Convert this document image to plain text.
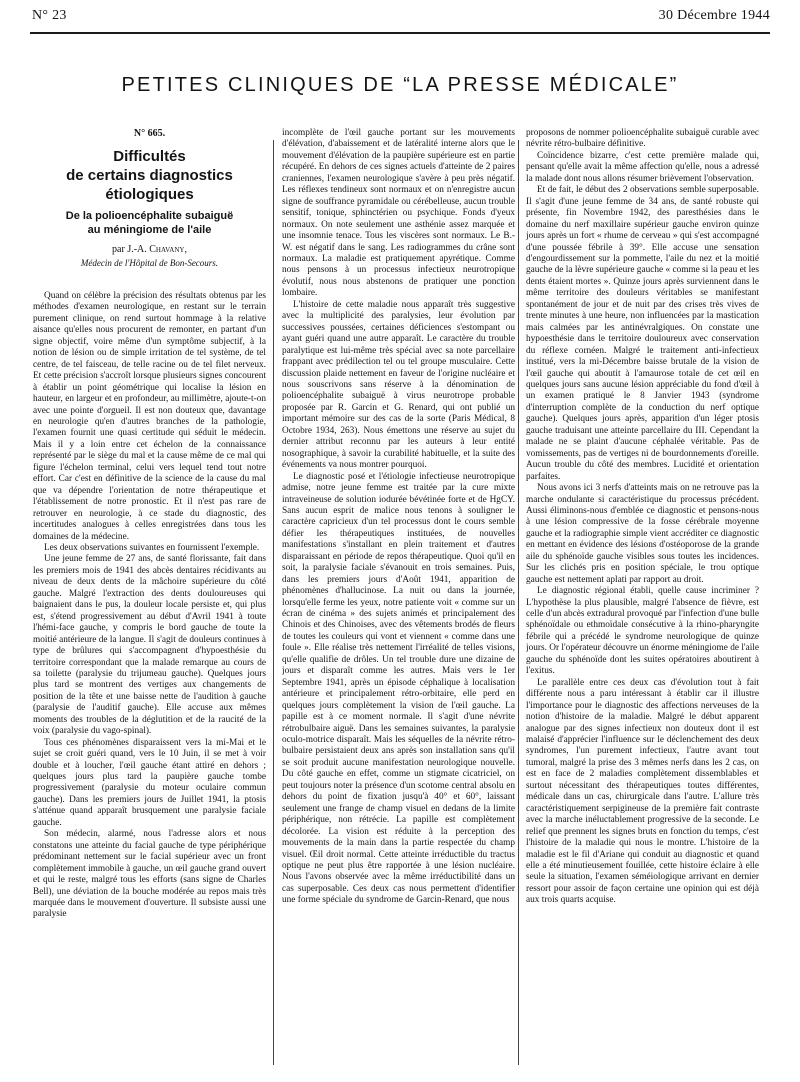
N° 23	30 Décembre 1944
PETITES CLINIQUES DE “LA PRESSE MÉDICALE”
N° 665.
Difficultés
de certains diagnostics
étiologiques
De la polioencéphalite subaiguë
au méningiome de l'aile
par J.-A. Chavany,
Médecin de l'Hôpital de Bon-Secours.

Quand on célèbre la précision des résultats obtenus par les méthodes d'examen neurologique, en restant sur le terrain purement clinique, on rend surtout hommage à la relative aisance qu'elles nous procurent de remonter, en partant d'un signe objectif, voire même d'un symptôme subjectif, à la notion de lésion ou de simple irritation de tel système, de tel centre, de tel faisceau, de telle racine ou de tel filet nerveux. Et cette précision s'accroît lorsque plusieurs signes concourent à établir un point géométrique qui localise la lésion en hauteur, en largeur et en profondeur, au millimètre, ajoute-t-on avec une pointe d'orgueil. Il est non douteux que, davantage en neurologie qu'en d'autres branches de la pathologie, l'examen fournit une quasi certitude qui séduit le médecin. Mais il y a loin entre cet échelon de la connaissance représenté par le siège du mal et la cause même de ce mal qui figure l'échelon terminal, celui vers lequel tend tout notre effort. Car c'est en définitive de la science de la cause du mal que va dépendre l'orientation de notre thérapeutique et l'établissement de notre pronostic. Et il n'est pas rare de retrouver en neurologie, à ce stade du diagnostic, des incertitudes analogues à celles enregistrées dans tous les domaines de la médecine.

Les deux observations suivantes en fournissent l'exemple.

Une jeune femme de 27 ans, de santé florissante, fait dans les premiers mois de 1941 des abcès dentaires récidivants au niveau de deux dents de la mâchoire supérieure du côté gauche. Malgré l'extraction des dents douloureuses qui baignaient dans le pus, la douleur locale persiste et, qui plus est, s'étend progressivement au début d'Avril 1941 à toute l'hémi-face gauche, y compris le bord gauche de toute la moitié antérieure de la langue. Il s'agit de douleurs continues à type de brûlures qui s'accompagnent d'hypoesthésie du territoire correspondant que la malade remarque au cours de sa toilette (paralysie du trijumeau gauche). Quelques jours plus tard se montrent des vertiges aux changements de position de la tête et une baisse nette de l'audition à gauche (paralysie de l'auditif gauche). Elle accuse aux mêmes moments des troubles de la déglutition et de la raucité de la voix (paralysie du vago-spinal).

Tous ces phénomènes disparaissent vers la mi-Mai et le sujet se croit guéri quand, vers le 10 Juin, il se met à voir double et à loucher, l'œil gauche étant attiré en dehors ; quelques jours plus tard la paupière gauche tombe progressivement (paralysie du moteur oculaire commun gauche). Dans les premiers jours de Juillet 1941, la ptosis s'atténue quand apparaît brusquement une paralysie faciale gauche.

Son médecin, alarmé, nous l'adresse alors et nous constatons une atteinte du facial gauche de type périphérique prédominant nettement sur le facial supérieur avec un front complètement immobile à gauche, un œil gauche grand ouvert et qui le reste, malgré tous les efforts (sans signe de Charles Bell), une déviation de la bouche modérée au repos mais très marquée dans le mouvement d'ouverture. Il subsiste aussi une paralysie

incomplète de l'œil gauche portant sur les mouvements d'élévation, d'abaissement et de latéralité interne alors que le mouvement d'élévation de la paupière supérieure est en partie récupéré. En dehors de ces signes actuels d'atteinte de 2 paires craniennes, l'examen neurologique s'avère à peu près négatif. Les réflexes tendineux sont normaux et on n'enregistre aucun signe de souffrance pyramidale ou cérébelleuse, aucun trouble sensitif, tonique, sphinctérien ou psychique. Fonds d'yeux normaux. On note seulement une asthénie assez marquée et une insomnie tenace. Tous les viscères sont normaux. Le B.-W. est négatif dans le sang. Les radiogrammes du crâne sont normaux. La maladie est pratiquement apyrétique. Comme nous pensons à un processus infectieux neurotropique évolutif, nous nous abstenons de pratiquer une ponction lombaire.

L'histoire de cette maladie nous apparaît très suggestive avec la multiplicité des paralysies, leur évolution par successives poussées, certaines déficiences s'estompant ou ayant guéri quand une autre apparaît. Le caractère du trouble paralytique est lui-même très spécial avec sa note parcellaire frappant avec prédilection tel ou tel groupe musculaire. Cette discussion plaide nettement en faveur de l'origine nucléaire et nous souscrivons sans réserve à la dénomination de polioencéphalite subaiguë à virus neurotrope probable proposée par R. Garcin et G. Renard, qui ont publié un important mémoire sur des cas de la sorte (Paris Médical, 8 Octobre 1934, 263). Nous émettons une réserve au sujet du dernier attribut reconnu par les auteurs à leur entité nosographique, à savoir la curabilité habituelle, et la suite des événements va nous montrer pourquoi.

Le diagnostic posé et l'étiologie infectieuse neurotropique admise, notre jeune femme est traitée par la cure mixte intraveineuse de solution iodurée bévétinée forte et de HgCY. Sans aucun esprit de malice nous tenons à souligner le caractère capricieux d'un tel processus dont le cours semble défier les thérapeutiques instituées, de nouvelles manifestations s'installant en plein traitement et d'autres disparaissant en période de repos thérapeutique. Quoi qu'il en soit, la paralysie faciale s'évanouit en trois semaines. Puis, dans les premiers jours d'Août 1941, apparition de phénomènes d'hallucinose. La nuit ou dans la journée, lorsqu'elle ferme les yeux, notre patiente voit « comme sur un écran de cinéma » des sujets animés et principalement des Chinois et des Chinoises, avec des vêtements brodés de fleurs de toutes les couleurs qui vont et viennent « comme dans une foule ». Elle réalise très nettement l'irréalité de telles visions, qu'elle qualifie de drôles. Un tel trouble dure une dizaine de jours et disparaît comme les autres. Mais vers le 1er Septembre 1941, après un épisode céphalique à localisation antérieure et principalement rétro-orbitaire, elle perd en quelques jours complètement la vision de l'œil gauche. La papille est à ce moment normale. Il s'agit d'une névrite rétrobulbaire aiguë. Dans les semaines suivantes, la paralysie oculo-motrice disparaît. Mais les séquelles de la névrite rétro-bulbaire persistaient deux ans après son installation sans qu'il se soit produit aucune manifestation neurologique nouvelle. Du côté gauche en effet, comme un stigmate cicatriciel, on peut toujours noter la présence d'un scotome central absolu en dehors du point de fixation jusqu'à 40° et 60°, laissant seulement une frange de champ visuel en dedans de la limite périphérique, non rétrécie. La papille est complètement décolorée. La vision est réduite à la perception des mouvements de la main dans la partie respectée du champ visuel. Œil droit normal. Cette atteinte irréductible du tractus optique ne peut plus être rapportée à une lésion nucléaire. Nous l'avons observée avec la même irréductibilité dans un cas superposable. Ces deux cas nous permettent d'identifier une forme spéciale du syndrome de Garcin-Renard, que nous

proposons de nommer polioencéphalite subaiguë curable avec névrite rétro-bulbaire définitive.

Coïncidence bizarre, c'est cette première malade qui, pensant qu'elle avait la même affection qu'elle, nous a adressé la malade dont nous allons résumer brièvement l'observation.

Et de fait, le début des 2 observations semble superposable. Il s'agit d'une jeune femme de 34 ans, de santé robuste qui présente, fin Novembre 1942, des paresthésies dans le domaine du nerf maxillaire supérieur gauche environ quinze jours après un fort « rhume de cerveau » qui s'est accompagné d'une poussée fébrile à 39°. Elle accuse une sensation d'engourdissement sur la pommette, l'aile du nez et la moitié gauche de la lèvre supérieure gauche « comme si la peau et les dents étaient mortes ». Quinze jours après surviennent dans le même territoire des douleurs véritables se manifestant spontanément de jour et de nuit par des crises très vives de trente minutes à une heure, non influencées par la mastication mais calmées par les antinévralgiques. On constate une hypoesthésie dans le territoire douloureux avec conservation du réflexe cornéen. Malgré le traitement anti-infectieux institué, vers la mi-Décembre baisse brutale de la vision de l'œil gauche qui aboutit à l'amaurose totale de cet œil en quelques jours sans aucune lésion appréciable du fond d'œil à un examen pratiqué le 8 Janvier 1943 (syndrome d'interruption complète de la conduction du nerf optique gauche). Quelques jours après, apparition d'un léger ptosis gauche traduisant une atteinte parcellaire du III. Cependant la malade ne se plaint d'aucune céphalée véritable. Pas de vomissements, pas de vertiges ni de bourdonnements d'oreille. Aucun trouble du côté des membres. Lucidité et orientation parfaites.

Nous avons ici 3 nerfs d'atteints mais on ne retrouve pas la marche ondulante si caractéristique du processus précédent. Aussi éliminons-nous d'emblée ce diagnostic et pensons-nous à une lésion compressive de la fosse cérébrale moyenne gauche et la radiographie simple vient accréditer ce diagnostic en mettant en évidence des lésions d'ostéoporose de la grande aile du sphénoïde gauche visibles sous toutes les incidences. Sur les clichés pris en position spéciale, le trou optique gauche est nettement aplati par rapport au droit.

Le diagnostic régional établi, quelle cause incriminer ? L'hypothèse la plus plausible, malgré l'absence de fièvre, est celle d'un abcès extradural provoqué par l'infection d'une bulle sphénoïdale ou ethmoïdale consécutive à la rhino-pharyngite fébrile qui a précédé le syndrome neurologique de quinze jours. Or l'opérateur découvre un énorme méningiome de l'aile gauche du sphénoïde dont les suites opératoires aboutirent à l'exitus.

Le parallèle entre ces deux cas d'évolution tout à fait différente nous a paru intéressant à établir car il illustre l'importance pour le diagnostic des affections nerveuses de la notion d'histoire de la maladie. Malgré le début apparent analogue par des signes infectieux non douteux dont il est malaisé d'apprécier l'influence sur le déclenchement des deux syndromes, l'un purement infectieux, l'autre avant tout tumoral, malgré la prise des 3 mêmes nerfs dans les 2 cas, on est en face de 2 maladies complètement dissemblables et surtout nécessitant des thérapeutiques toutes différentes, médicale dans un cas, chirurgicale dans l'autre. L'allure très caractéristiquement serpigineuse de la première fait contraste avec la marche inéluctablement progressive de la seconde. Le relief que prennent les signes bruts en fonction du temps, c'est l'histoire de la maladie qui nous le montre. L'histoire de la maladie est le fil d'Ariane qui conduit au diagnostic et quand elle a été minutieusement fouillée, cette histoire éclaire à elle seule la situation, l'examen séméiologique arrivant en dernier ressort pour assoir de façon certaine une opinion qui est déjà aux trois quarts acquise.
